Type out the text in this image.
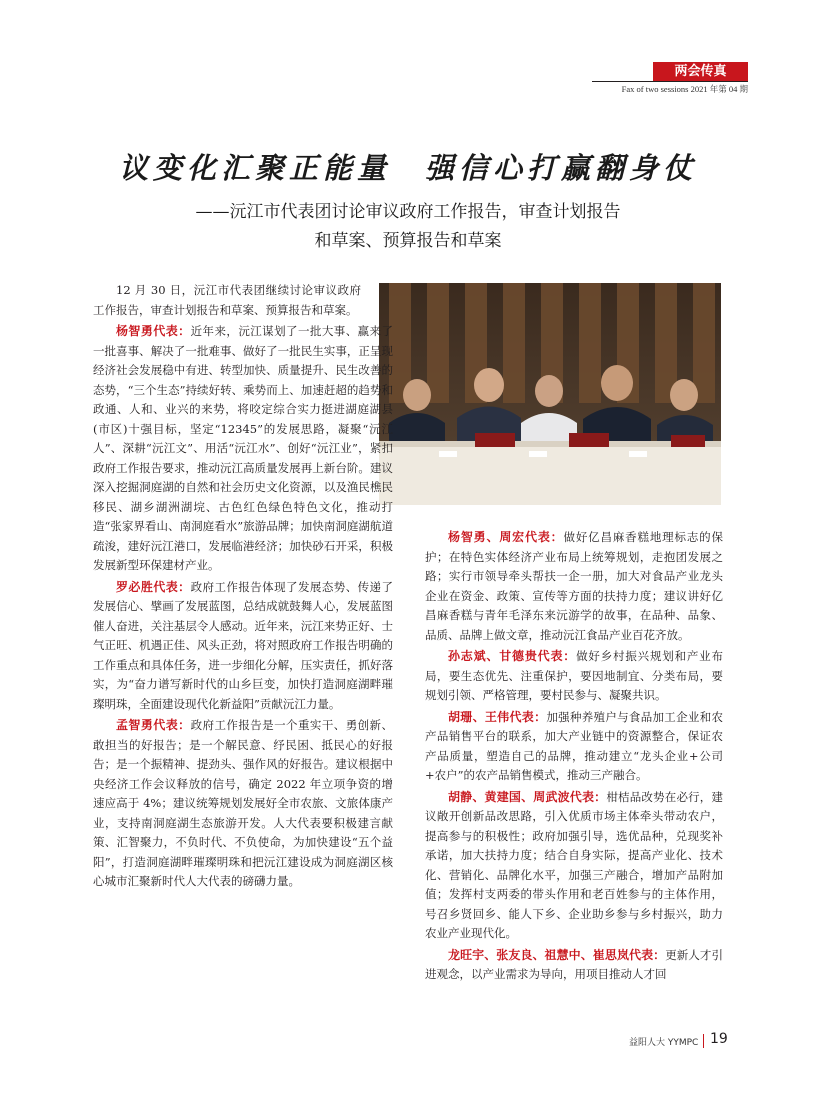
两会传真
Fax of two sessions 2021 年第 04 期
议变化汇聚正能量　强信心打赢翻身仗
——沅江市代表团讨论审议政府工作报告，审查计划报告
和草案、预算报告和草案

12 月 30 日，沅江市代表团继续讨论审议政府工作报告，审查计划报告和草案、预算报告和草案。

杨智勇代表：近年来，沅江谋划了一批大事、赢来了一批喜事、解决了一批难事、做好了一批民生实事，正呈现经济社会发展稳中有进、转型加快、质量提升、民生改善的态势，“三个生态”持续好转、乘势而上、加速赶超的趋势和政通、人和、业兴的来势，将咬定综合实力挺进湖庭湖县(市区)十强目标，坚定“12345”的发展思路，凝聚“沅江人”、深耕“沅江文”、用活“沅江水”、创好“沅江业”，紧扣政府工作报告要求，推动沅江高质量发展再上新台阶。建议深入挖掘洞庭湖的自然和社会历史文化资源，以及渔民樵民移民、湖乡湖洲湖垸、古色红色绿色特色文化，推动打造“张家界看山、南洞庭看水”旅游品牌；加快南洞庭湖航道疏浚，建好沅江港口，发展临港经济；加快砂石开采，积极发展新型环保建材产业。

罗必胜代表：政府工作报告体现了发展态势、传递了发展信心、擘画了发展蓝图，总结成就鼓舞人心，发展蓝图催人奋进，关注基层令人感动。近年来，沅江来势正好、士气正旺、机遇正佳、风头正劲，将对照政府工作报告明确的工作重点和具体任务，进一步细化分解，压实责任，抓好落实，为“奋力谱写新时代的山乡巨变，加快打造洞庭湖畔璀璨明珠，全面建设现代化新益阳”贡献沅江力量。

孟智勇代表：政府工作报告是一个重实干、勇创新、敢担当的好报告；是一个解民意、纾民困、抵民心的好报告；是一个振精神、提劲头、强作风的好报告。建议根据中央经济工作会议释放的信号，确定 2022 年立项争资的增速应高于 4%；建议统筹规划发展好全市农旅、文旅体康产业，支持南洞庭湖生态旅游开发。人大代表要积极建言献策、汇智聚力，不负时代、不负使命，为加快建设“五个益阳”，打造洞庭湖畔璀璨明珠和把沅江建设成为洞庭湖区核心城市汇聚新时代人大代表的磅礴力量。

杨智勇、周宏代表：做好亿昌麻香糕地理标志的保护；在特色实体经济产业布局上统筹规划，走抱团发展之路；实行市领导牵头帮扶一企一册，加大对食品产业龙头企业在资金、政策、宣传等方面的扶持力度；建议讲好亿昌麻香糕与青年毛泽东来沅游学的故事，在品种、品象、品质、品牌上做文章，推动沅江食品产业百花齐放。

孙志斌、甘德贵代表：做好乡村振兴规划和产业布局，要生态优先、注重保护，要因地制宜、分类布局，要规划引领、严格管理，要村民参与、凝聚共识。

胡珊、王伟代表：加强种养殖户与食品加工企业和农产品销售平台的联系，加大产业链中的资源整合，保证农产品质量，塑造自己的品牌，推动建立“龙头企业+公司+农户”的农产品销售模式，推动三产融合。

胡静、黄建国、周武波代表：柑桔品改势在必行，建议敞开创新品改思路，引入优质市场主体牵头带动农户，提高参与的积极性；政府加强引导，选优品种，兑现奖补承诺，加大扶持力度；结合自身实际，提高产业化、技术化、营销化、品牌化水平，加强三产融合，增加产品附加值；发挥村支两委的带头作用和老百姓参与的主体作用，号召乡贤回乡、能人下乡、企业助乡参与乡村振兴，助力农业产业现代化。

龙旺宇、张友良、祖慧中、崔思岚代表：更新人才引进观念，以产业需求为导向，用项目推动人才回

益阳人大 YYMPC 19
